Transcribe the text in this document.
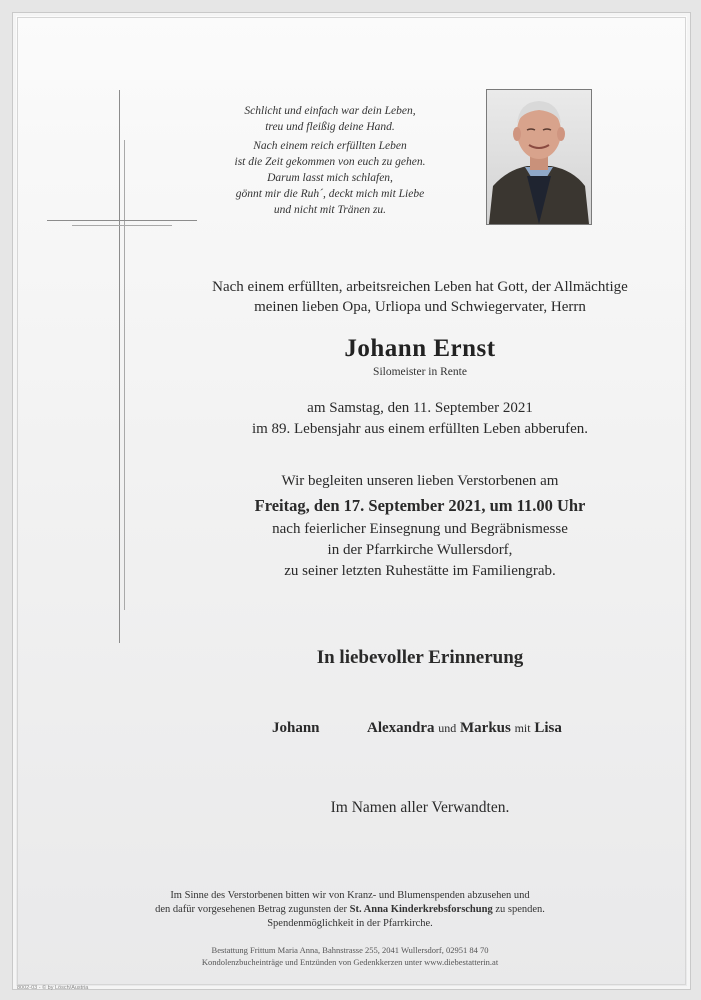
Schlicht und einfach war dein Leben,
treu und fleißig deine Hand.

Nach einem reich erfüllten Leben
ist die Zeit gekommen von euch zu gehen.
Darum lasst mich schlafen,
gönnt mir die Ruh´, deckt mich mit Liebe
und nicht mit Tränen zu.

Nach einem erfüllten, arbeitsreichen Leben hat Gott, der Allmächtige
meinen lieben Opa, Urliopa und Schwiegervater, Herrn
Johann Ernst
Silomeister in Rente
am Samstag, den 11. September 2021
im 89. Lebensjahr aus einem erfüllten Leben abberufen.
Wir begleiten unseren lieben Verstorbenen am

Freitag, den 17. September 2021, um 11.00 Uhr
nach feierlicher Einsegnung und Begräbnismesse
in der Pfarrkirche Wullersdorf,
zu seiner letzten Ruhestätte im Familiengrab.
In liebevoller Erinnerung
Johann	Alexandra und Markus mit Lisa
Im Namen aller Verwandten.
Im Sinne des Verstorbenen bitten wir von Kranz- und Blumenspenden abzusehen und
den dafür vorgesehenen Betrag zugunsten der St. Anna Kinderkrebsforschung zu spenden.
Spendenmöglichkeit in der Pfarrkirche.
Bestattung Frittum Maria Anna, Bahnstrasse 255, 2041 Wullersdorf, 02951 84 70
Kondolenzbucheinträge und Entzünden von Gedenkkerzen unter www.diebestatterin.at
8002-03 - © by Lösch/Austria
